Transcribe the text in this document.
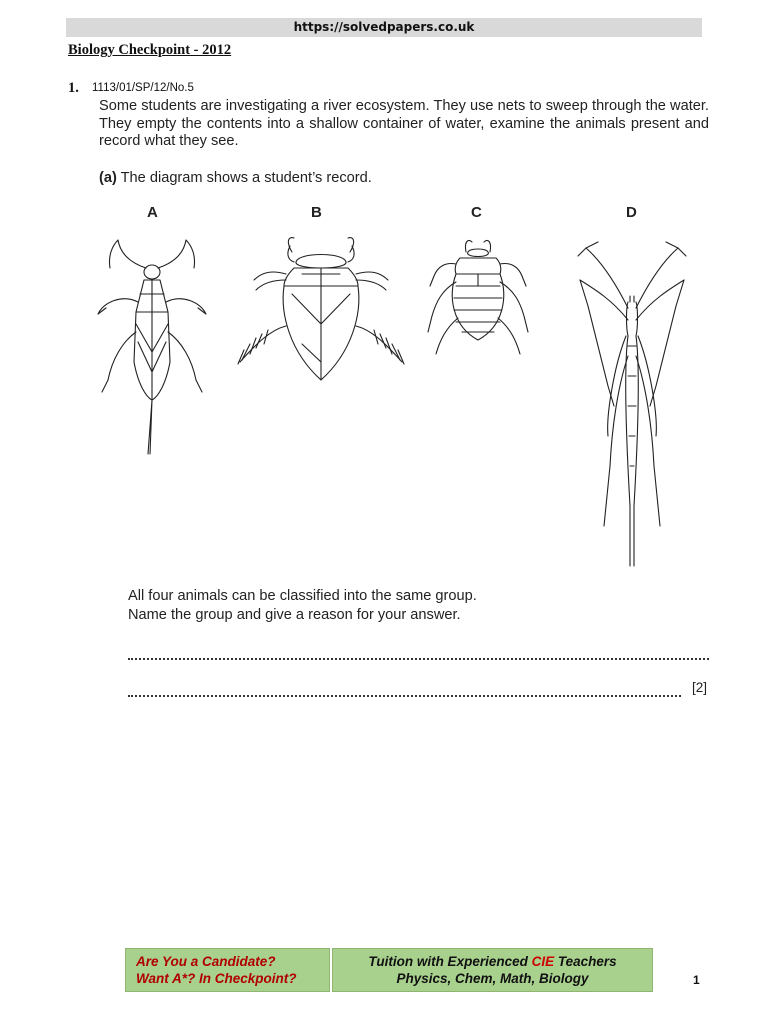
https://solvedpapers.co.uk
Biology Checkpoint - 2012
1. 1113/01/SP/12/No.5
Some students are investigating a river ecosystem. They use nets to sweep through the water. They empty the contents into a shallow container of water, examine the animals present and record what they see.
(a) The diagram shows a student’s record.
A	B	C	D
All four animals can be classified into the same group.
Name the group and give a reason for your answer.
[2]
Are You a Candidate?
Want A*? In Checkpoint?
Tuition with Experienced CIE Teachers
Physics, Chem, Math, Biology	1
